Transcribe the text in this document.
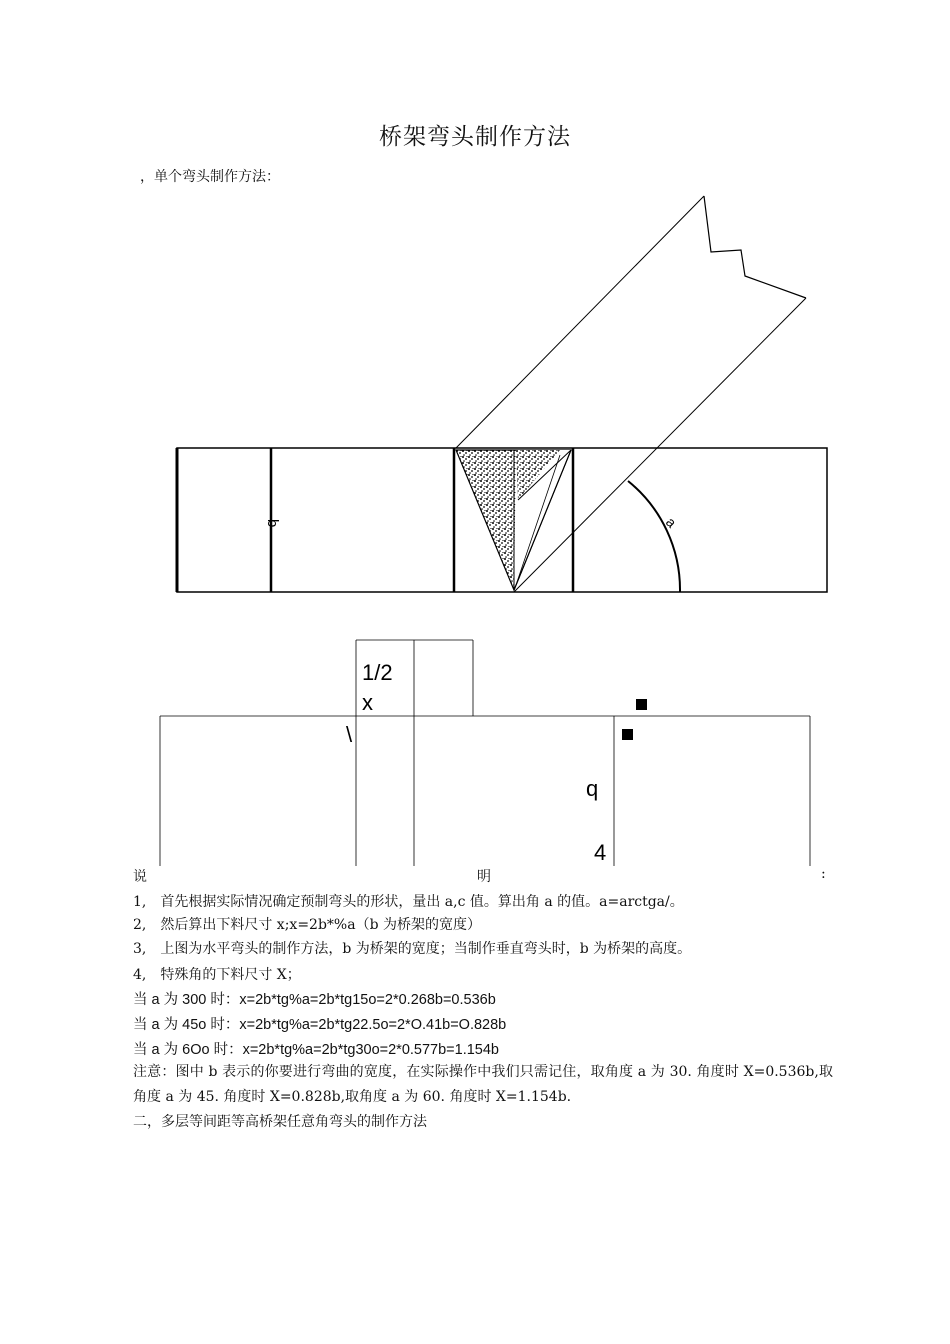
桥架弯头制作方法
，单个弯头制作方法：
b	a
1/2
x
\
q
4
说	明	:
1,　首先根据实际情况确定预制弯头的形状，量出 a,c 值。算出角 a 的值。a=arctga/。
2,　然后算出下料尺寸 x;x=2b*%a（b 为桥架的宽度）
3,　上图为水平弯头的制作方法，b 为桥架的宽度；当制作垂直弯头时，b 为桥架的高度。
4,　特殊角的下料尺寸 X；
当 a 为 300 时：x=2b*tg%a=2b*tg15o=2*0.268b=0.536b
当 a 为 45o 时：x=2b*tg%a=2b*tg22.5o=2*O.41b=O.828b
当 a 为 6Oo 时：x=2b*tg%a=2b*tg30o=2*0.577b=1.154b
注意：图中 b 表示的你要进行弯曲的宽度，在实际操作中我们只需记住，取角度 a 为 30. 角度时 X=0.536b,取角度 a 为 45. 角度时 X=0.828b,取角度 a 为 60. 角度时 X=1.154b.
二，多层等间距等高桥架任意角弯头的制作方法
